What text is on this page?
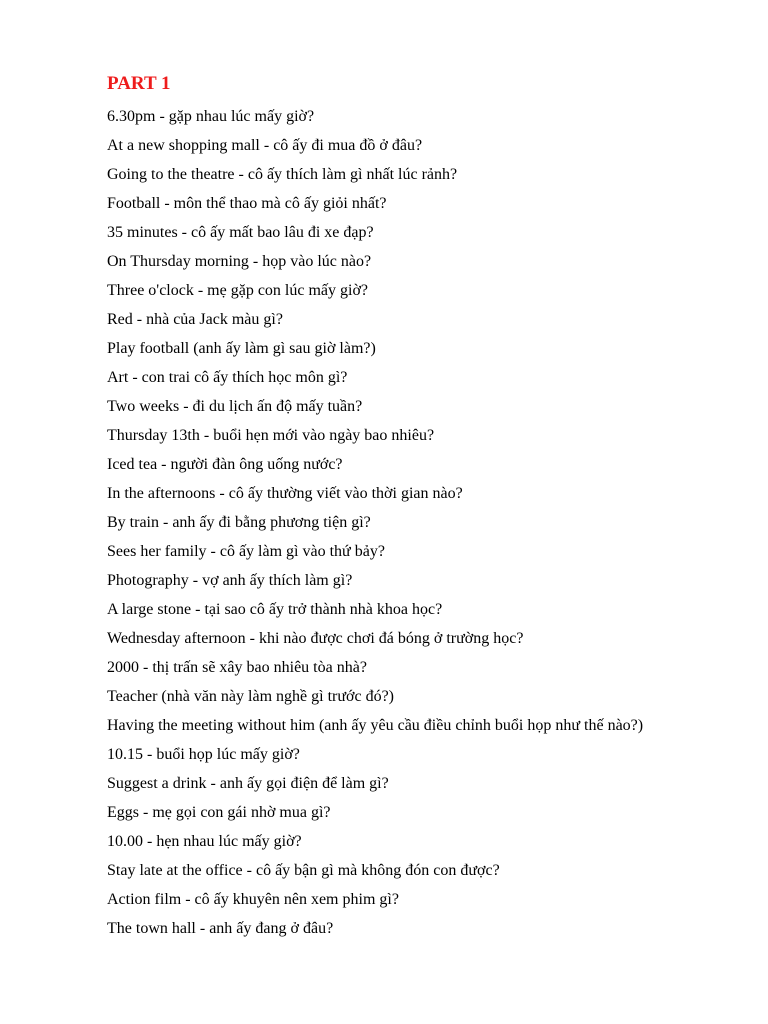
PART 1
6.30pm - gặp nhau lúc mấy giờ?
At a new shopping mall - cô ấy đi mua đồ ở đâu?
Going to the theatre - cô ấy thích làm gì nhất lúc rảnh?
Football - môn thể thao mà cô ấy giỏi nhất?
35 minutes - cô ấy mất bao lâu đi xe đạp?
On Thursday morning - họp vào lúc nào?
Three o'clock - mẹ gặp con lúc mấy giờ?
Red - nhà của Jack màu gì?
Play football (anh ấy làm gì sau giờ làm?)
Art - con trai cô ấy thích học môn gì?
Two weeks - đi du lịch ấn độ mấy tuần?
Thursday 13th - buổi hẹn mới vào ngày bao nhiêu?
Iced tea - người đàn ông uống nước?
In the afternoons - cô ấy thường viết vào thời gian nào?
By train - anh ấy đi bằng phương tiện gì?
Sees her family - cô ấy làm gì vào thứ bảy?
Photography - vợ anh ấy thích làm gì?
A large stone - tại sao cô ấy trở thành nhà khoa học?
Wednesday afternoon - khi nào được chơi đá bóng ở trường học?
2000 - thị trấn sẽ xây bao nhiêu tòa nhà?
Teacher (nhà văn này làm nghề gì trước đó?)
Having the meeting without him (anh ấy yêu cầu điều chỉnh buổi họp như thế nào?)
10.15 - buổi họp lúc mấy giờ?
Suggest a drink - anh ấy gọi điện để làm gì?
Eggs - mẹ gọi con gái nhờ mua gì?
10.00 - hẹn nhau lúc mấy giờ?
Stay late at the office - cô ấy bận gì mà không đón con được?
Action film - cô ấy khuyên nên xem phim gì?
The town hall - anh ấy đang ở đâu?
